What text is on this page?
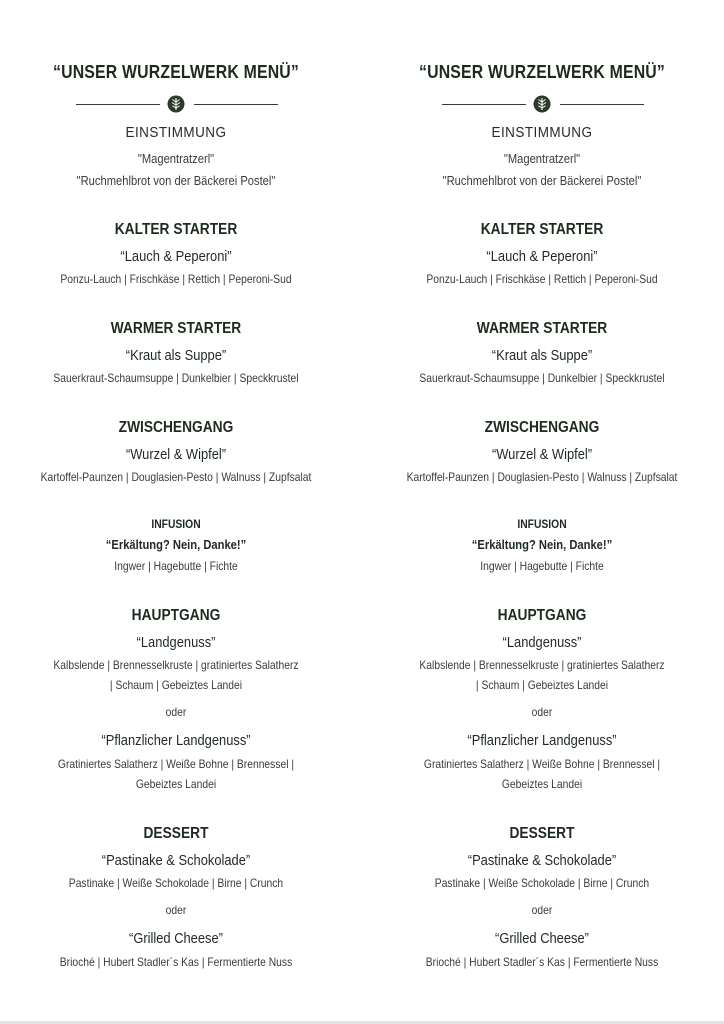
“UNSER WURZELWERK MENÜ”
EINSTIMMUNG
"Magentratzerl"
"Ruchmehlbrot von der Bäckerei Postel"
KALTER STARTER
“Lauch & Peperoni”
Ponzu-Lauch | Frischkäse | Rettich | Peperoni-Sud
WARMER STARTER
“Kraut als Suppe”
Sauerkraut-Schaumsuppe | Dunkelbier | Speckkrustel
ZWISCHENGANG
“Wurzel & Wipfel”
Kartoffel-Paunzen | Douglasien-Pesto | Walnuss | Zupfsalat
INFUSION
“Erkältung? Nein, Danke!”
Ingwer | Hagebutte | Fichte
HAUPTGANG
“Landgenuss”
Kalbslende | Brennesselkruste | gratiniertes Salatherz
| Schaum | Gebeiztes Landei
oder
“Pflanzlicher Landgenuss”
Gratiniertes Salatherz | Weiße Bohne | Brennessel |
Gebeiztes Landei
DESSERT
“Pastinake & Schokolade”
Pastinake | Weiße Schokolade | Birne | Crunch
oder
“Grilled Cheese”
Brioché | Hubert Stadler´s Kas | Fermentierte Nuss
“UNSER WURZELWERK MENÜ”
EINSTIMMUNG
"Magentratzerl"
"Ruchmehlbrot von der Bäckerei Postel"
KALTER STARTER
“Lauch & Peperoni”
Ponzu-Lauch | Frischkäse | Rettich | Peperoni-Sud
WARMER STARTER
“Kraut als Suppe”
Sauerkraut-Schaumsuppe | Dunkelbier | Speckkrustel
ZWISCHENGANG
“Wurzel & Wipfel”
Kartoffel-Paunzen | Douglasien-Pesto | Walnuss | Zupfsalat
INFUSION
“Erkältung? Nein, Danke!”
Ingwer | Hagebutte | Fichte
HAUPTGANG
“Landgenuss”
Kalbslende | Brennesselkruste | gratiniertes Salatherz
| Schaum | Gebeiztes Landei
oder
“Pflanzlicher Landgenuss”
Gratiniertes Salatherz | Weiße Bohne | Brennessel |
Gebeiztes Landei
DESSERT
“Pastinake & Schokolade”
Pastinake | Weiße Schokolade | Birne | Crunch
oder
“Grilled Cheese”
Brioché | Hubert Stadler´s Kas | Fermentierte Nuss
